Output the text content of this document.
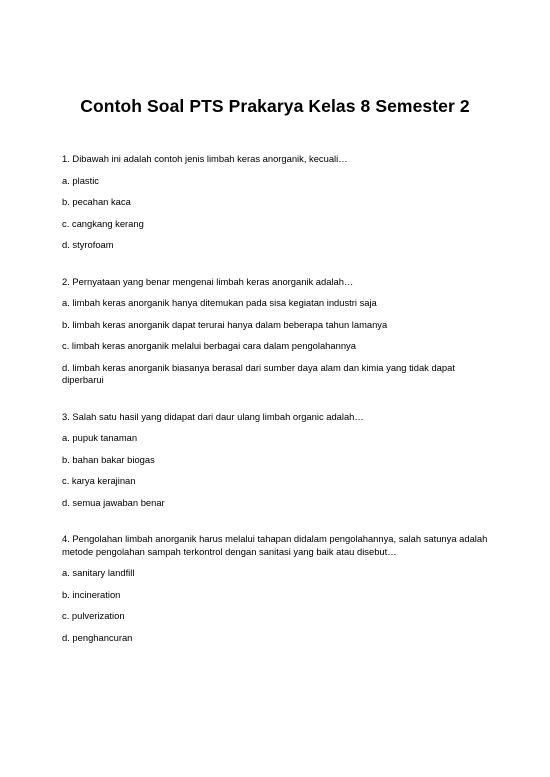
Contoh Soal PTS Prakarya Kelas 8 Semester 2

1. Dibawah ini adalah contoh jenis limbah keras anorganik, kecuali…

a. plastic

b. pecahan kaca

c. cangkang kerang

d. styrofoam

2. Pernyataan yang benar mengenai limbah keras anorganik adalah…

a. limbah keras anorganik hanya ditemukan pada sisa kegiatan industri saja

b. limbah keras anorganik dapat terurai hanya dalam beberapa tahun lamanya

c. limbah keras anorganik melalui berbagai cara dalam pengolahannya

d. limbah keras anorganik biasanya berasal dari sumber daya alam dan kimia yang tidak dapat diperbarui

3. Salah satu hasil yang didapat dari daur ulang limbah organic adalah…

a. pupuk tanaman

b. bahan bakar biogas

c. karya kerajinan

d. semua jawaban benar

4. Pengolahan limbah anorganik harus melalui tahapan didalam pengolahannya, salah satunya adalah metode pengolahan sampah terkontrol dengan sanitasi yang baik atau disebut…

a. sanitary landfill

b. incineration

c. pulverization

d. penghancuran
